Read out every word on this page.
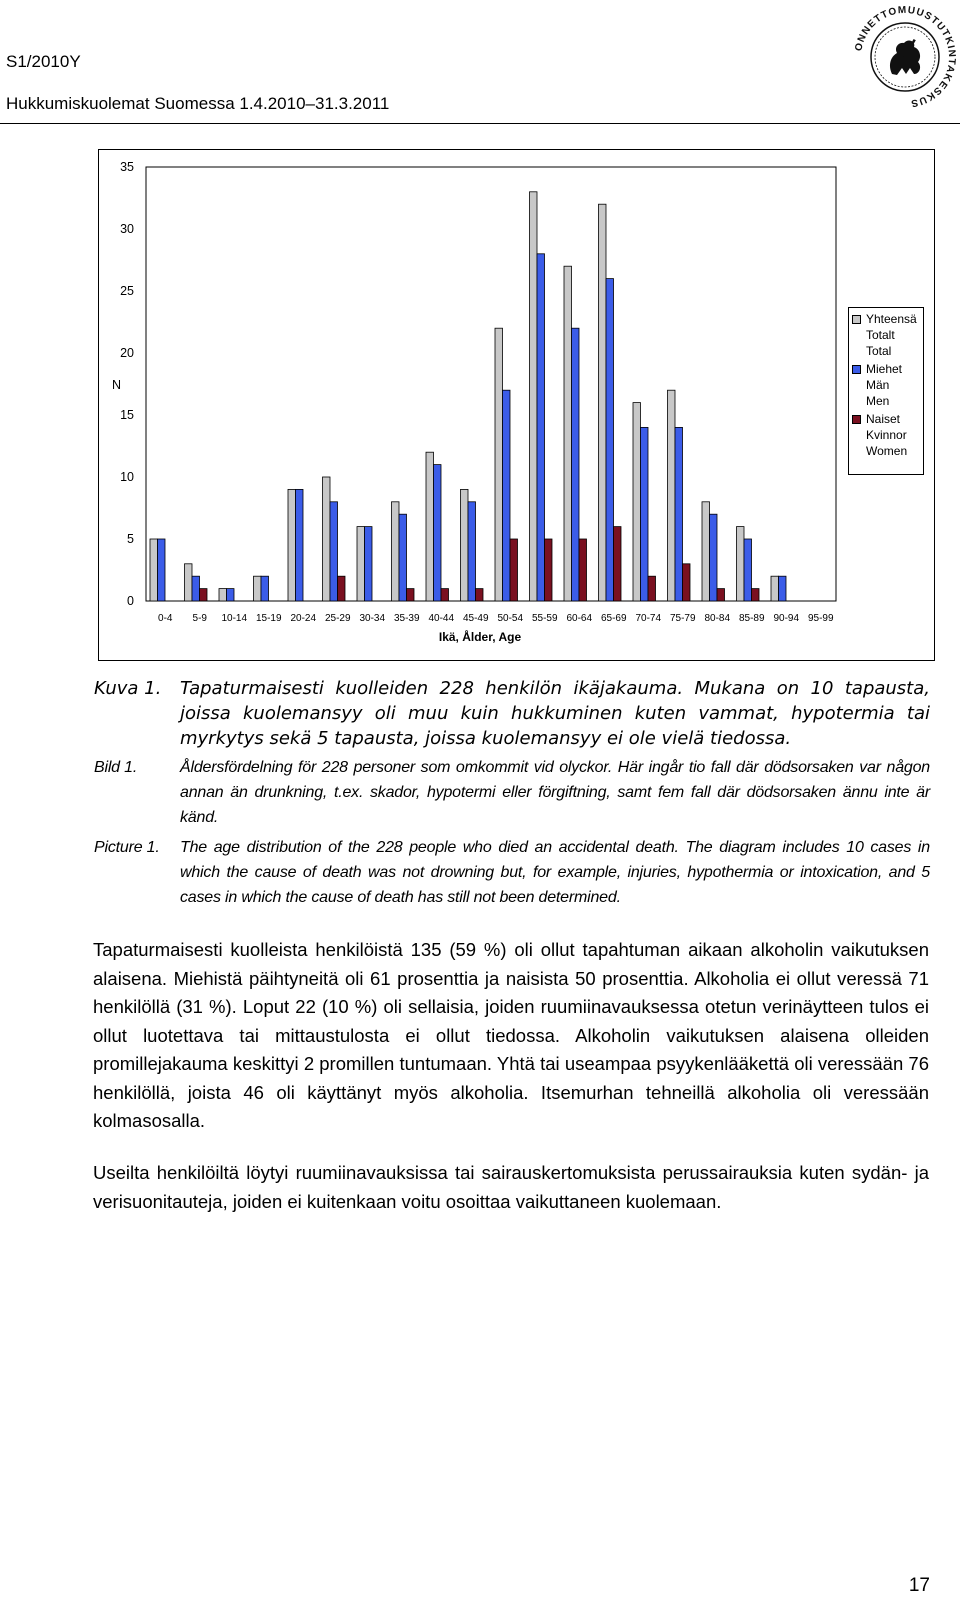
S1/2010Y
Hukkumiskuolemat Suomessa 1.4.2010–31.3.2011
ONNETTOMUUSTUTKINTAKESKUS
N
0
5
10
15
20
25
30
35
0-4 5-9 10-14 15-19 20-24 25-29 30-34 35-39 40-44 45-49 50-54 55-59 60-64 65-69 70-74 75-79 80-84 85-89 90-94 95-99
Ikä, Ålder, Age
Yhteensä
Totalt
Total
Miehet
Män
Men
Naiset
Kvinnor
Women
Kuva 1. Tapaturmaisesti kuolleiden 228 henkilön ikäjakauma. Mukana on 10 tapausta, joissa kuolemansyy oli muu kuin hukkuminen kuten vammat, hypotermia tai myrkytys sekä 5 tapausta, joissa kuolemansyy ei ole vielä tiedossa.
Bild 1.	Åldersfördelning för 228 personer som omkommit vid olyckor. Här ingår tio fall där dödsorsaken var någon annan än drunkning, t.ex. skador, hypotermi eller förgiftning, samt fem fall där dödsorsaken ännu inte är känd.
Picture 1. The age distribution of the 228 people who died an accidental death. The diagram includes 10 cases in which the cause of death was not drowning but, for example, injuries, hypothermia or intoxication, and 5 cases in which the cause of death has still not been determined.

Tapaturmaisesti kuolleista henkilöistä 135 (59 %) oli ollut tapahtuman aikaan alkoholin vaikutuksen alaisena. Miehistä päihtyneitä oli 61 prosenttia ja naisista 50 prosenttia. Alkoholia ei ollut veressä 71 henkilöllä (31 %). Loput 22 (10 %) oli sellaisia, joiden ruumiinavauksessa otetun verinäytteen tulos ei ollut luotettava tai mittaustulosta ei ollut tiedossa. Alkoholin vaikutuksen alaisena olleiden promillejakauma keskittyi 2 promillen tuntumaan. Yhtä tai useampaa psyykenlääkettä oli veressään 76 henkilöllä, joista 46 oli käyttänyt myös alkoholia. Itsemurhan tehneillä alkoholia oli veressään kolmasosalla.

Useilta henkilöiltä löytyi ruumiinavauksissa tai sairauskertomuksista perussairauksia kuten sydän- ja verisuonitauteja, joiden ei kuitenkaan voitu osoittaa vaikuttaneen kuolemaan.

17
